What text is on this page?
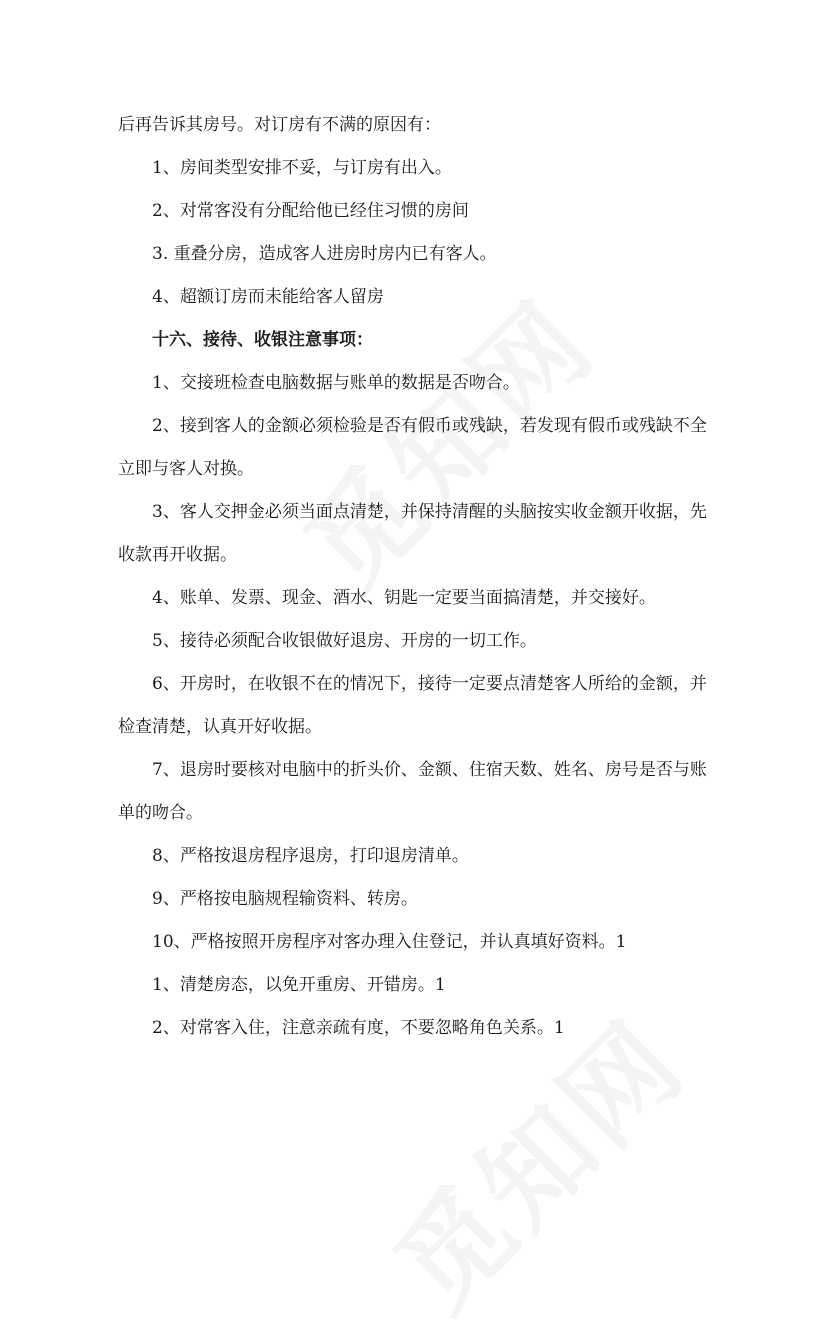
后再告诉其房号。对订房有不满的原因有：

1、房间类型安排不妥，与订房有出入。

2、对常客没有分配给他已经住习惯的房间

3. 重叠分房，造成客人进房时房内已有客人。

4、超额订房而未能给客人留房

十六、接待、收银注意事项：

1、交接班检查电脑数据与账单的数据是否吻合。

2、接到客人的金额必须检验是否有假币或残缺，若发现有假币或残缺不全立即与客人对换。

3、客人交押金必须当面点清楚，并保持清醒的头脑按实收金额开收据，先收款再开收据。

4、账单、发票、现金、酒水、钥匙一定要当面搞清楚，并交接好。

5、接待必须配合收银做好退房、开房的一切工作。

6、开房时，在收银不在的情况下，接待一定要点清楚客人所给的金额，并检查清楚，认真开好收据。

7、退房时要核对电脑中的折头价、金额、住宿天数、姓名、房号是否与账单的吻合。

8、严格按退房程序退房，打印退房清单。

9、严格按电脑规程输资料、转房。

10、严格按照开房程序对客办理入住登记，并认真填好资料。1

1、清楚房态，以免开重房、开错房。1

2、对常客入住，注意亲疏有度，不要忽略角色关系。1
